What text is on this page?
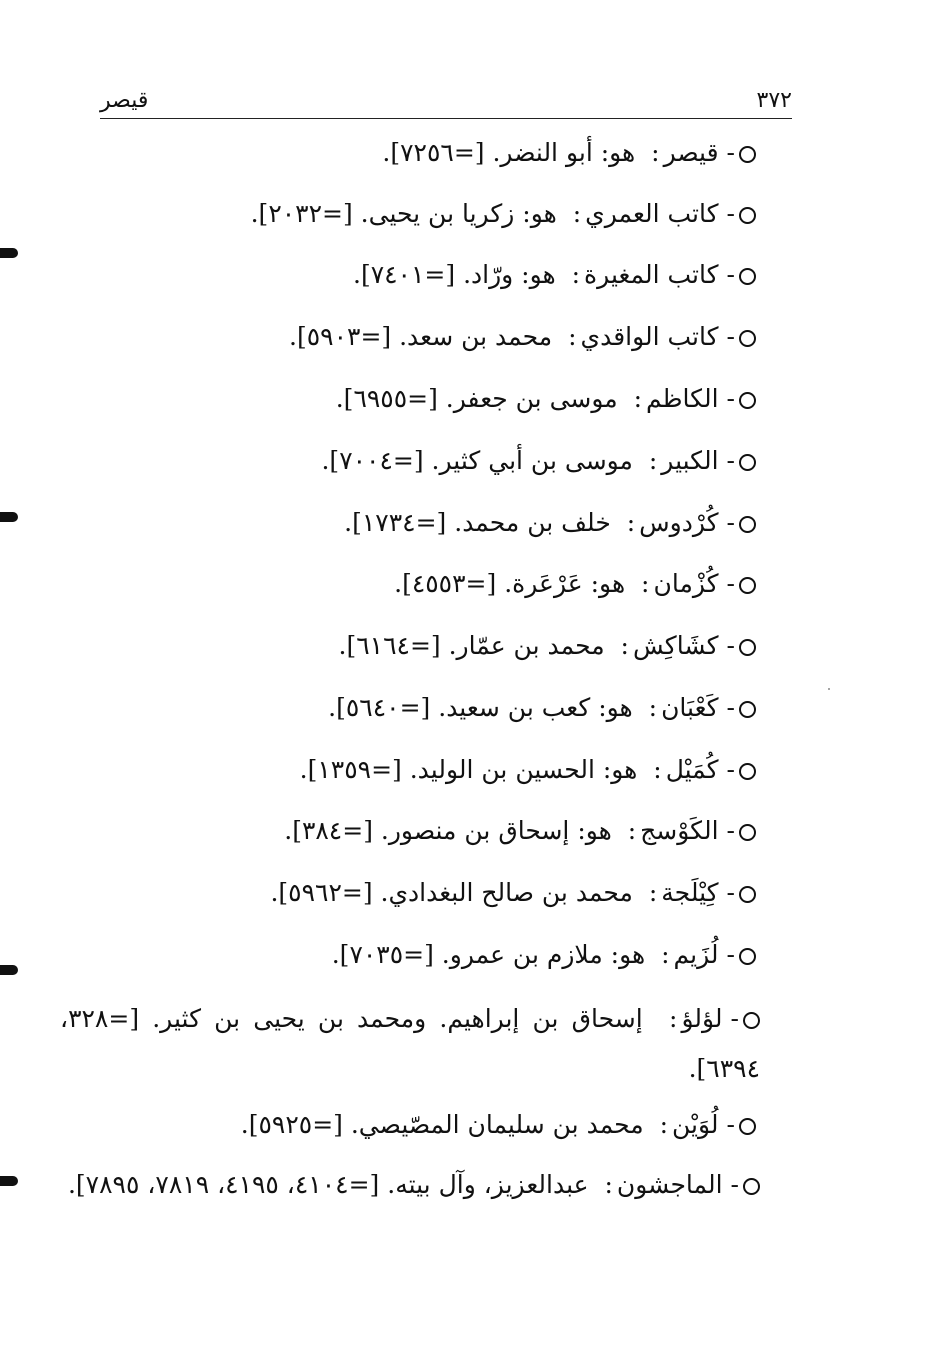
٣٧٢
قيصر
-قيصر:  هو: أبو النضر. [=٧٢٥٦].
-كاتب العمري:  هو: زكريا بن يحيى. [=٢٠٣٢].
-كاتب المغيرة:  هو: ورّاد. [=٧٤٠١].
-كاتب الواقدي:  محمد بن سعد. [=٥٩٠٣].
-الكاظم:  موسى بن جعفر. [=٦٩٥٥].
-الكبير:  موسى بن أبي كثير. [=٧٠٠٤].
-كُرْدوس:  خلف بن محمد. [=١٧٣٤].
-كُزْمان:  هو: عَرْعَرة. [=٤٥٥٣].
-كشَاكِش:  محمد بن عمّار. [=٦١٦٤].
-كَعْبَان:  هو: كعب بن سعيد. [=٥٦٤٠].
-كُمَيْل:  هو: الحسين بن الوليد. [=١٣٥٩].
-الكَوْسج:  هو: إسحاق بن منصور. [=٣٨٤].
-كِيْلَجة:  محمد بن صالح البغدادي. [=٥٩٦٢].
-لُزَيم:  هو: ملازم بن عمرو. [=٧٠٣٥].
-لؤلؤ:  إسحاق بن إبراهيم. ومحمد بن يحيى بن كثير. [=٣٢٨، ٦٣٩٤].
-لُوَيْن:  محمد بن سليمان المصّيصي. [=٥٩٢٥].
-الماجشون:  عبدالعزيز، وآل بيته. [=٤١٠٤، ٤١٩٥، ٧٨١٩، ٧٨٩٥].
